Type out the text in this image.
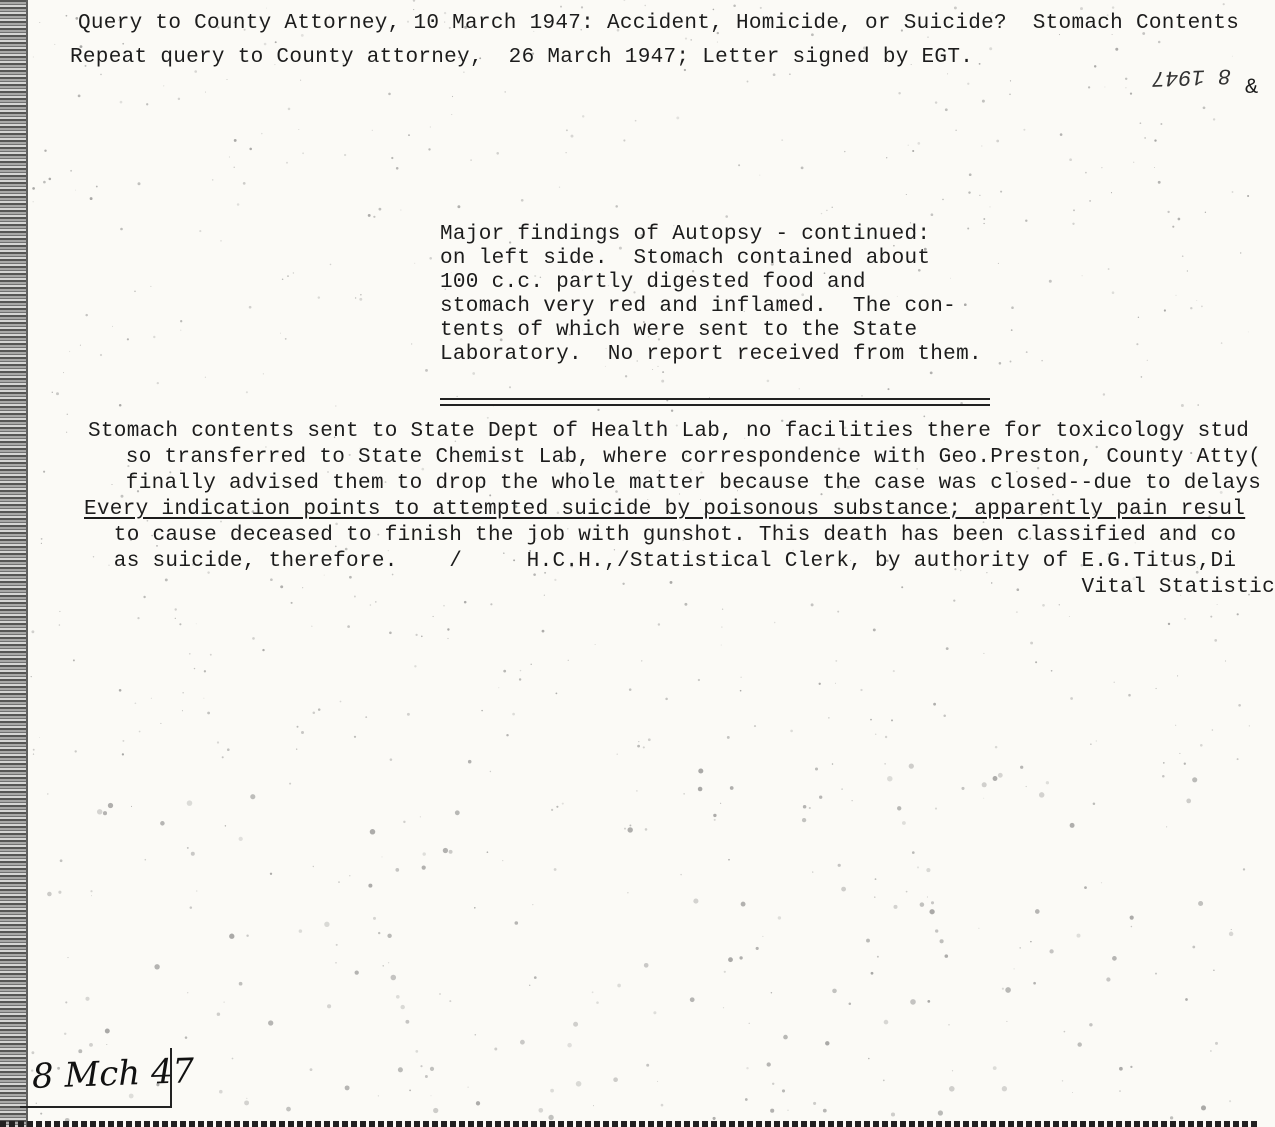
Query to County Attorney, 10 March 1947: Accident, Homicide, or Suicide?  Stomach Contents
Repeat query to County attorney,  26 March 1947; Letter signed by EGT.
8 1947 &
Major findings of Autopsy - continued:
on left side.  Stomach contained about
100 c.c. partly digested food and
stomach very red and inflamed.  The con-
tents of which were sent to the State
Laboratory.  No report received from them.
Stomach contents sent to State Dept of Health Lab, no facilities there for toxicology stud
so transferred to State Chemist Lab, where correspondence with Geo.Preston, County Atty(
finally advised them to drop the whole matter because the case was closed--due to delays
Every indication points to attempted suicide by poisonous substance; apparently pain resul
to cause deceased to finish the job with gunshot. This death has been classified and co
as suicide, therefore.    /     H.C.H.,/Statistical Clerk, by authority of E.G.Titus,Di
Vital Statistic
8 Mch 47
